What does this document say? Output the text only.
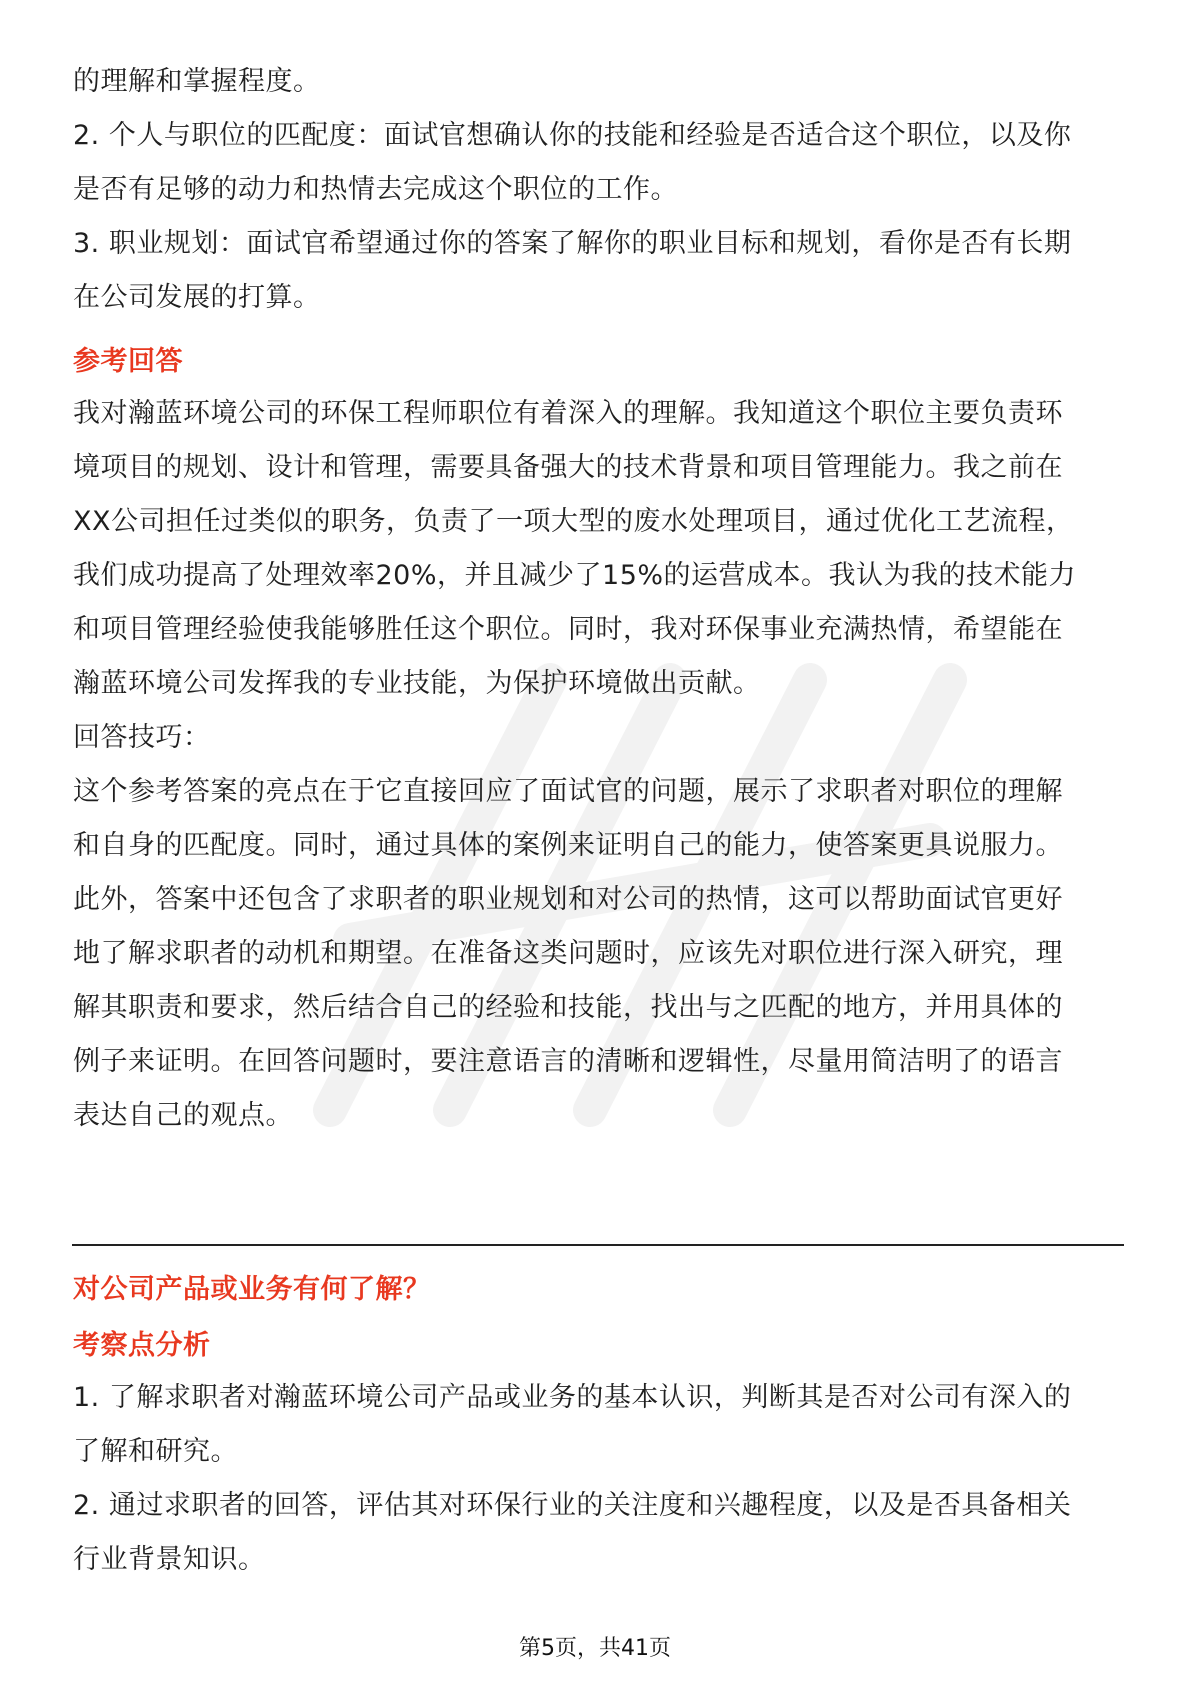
的理解和掌握程度。
2. 个人与职位的匹配度：面试官想确认你的技能和经验是否适合这个职位，以及你
是否有足够的动力和热情去完成这个职位的工作。
3. 职业规划：面试官希望通过你的答案了解你的职业目标和规划，看你是否有长期
在公司发展的打算。
参考回答
我对瀚蓝环境公司的环保工程师职位有着深入的理解。我知道这个职位主要负责环
境项目的规划、设计和管理，需要具备强大的技术背景和项目管理能力。我之前在
XX公司担任过类似的职务，负责了一项大型的废水处理项目，通过优化工艺流程，
我们成功提高了处理效率20%，并且减少了15%的运营成本。我认为我的技术能力
和项目管理经验使我能够胜任这个职位。同时，我对环保事业充满热情，希望能在
瀚蓝环境公司发挥我的专业技能，为保护环境做出贡献。
回答技巧：
这个参考答案的亮点在于它直接回应了面试官的问题，展示了求职者对职位的理解
和自身的匹配度。同时，通过具体的案例来证明自己的能力，使答案更具说服力。
此外，答案中还包含了求职者的职业规划和对公司的热情，这可以帮助面试官更好
地了解求职者的动机和期望。在准备这类问题时，应该先对职位进行深入研究，理
解其职责和要求，然后结合自己的经验和技能，找出与之匹配的地方，并用具体的
例子来证明。在回答问题时，要注意语言的清晰和逻辑性，尽量用简洁明了的语言
表达自己的观点。
对公司产品或业务有何了解？
考察点分析
1. 了解求职者对瀚蓝环境公司产品或业务的基本认识，判断其是否对公司有深入的
了解和研究。
2. 通过求职者的回答，评估其对环保行业的关注度和兴趣程度，以及是否具备相关
行业背景知识。
第5页，共41页
